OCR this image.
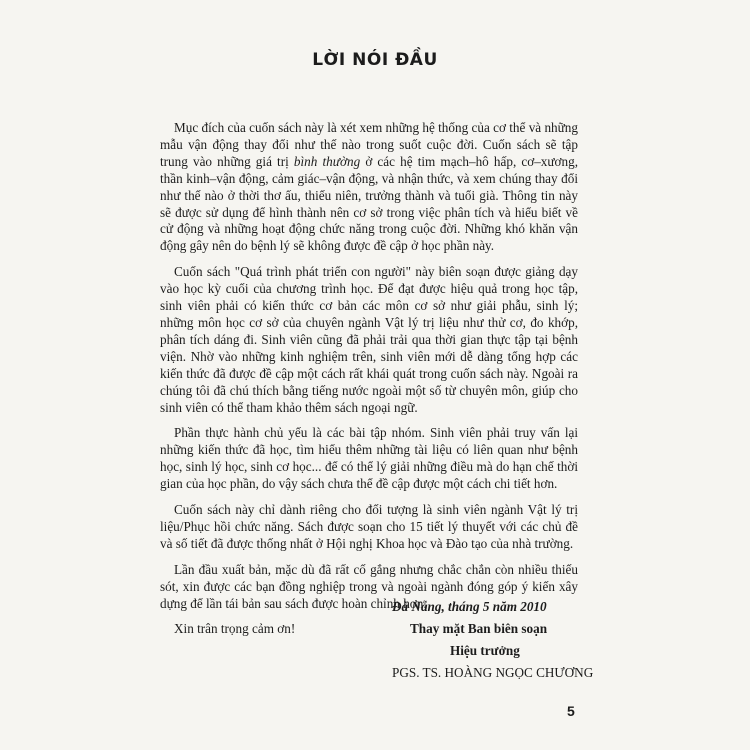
LỜI NÓI ĐẦU

Mục đích của cuốn sách này là xét xem những hệ thống của cơ thể và những mẫu vận động thay đổi như thế nào trong suốt cuộc đời. Cuốn sách sẽ tập trung vào những giá trị bình thường ở các hệ tim mạch–hô hấp, cơ–xương, thần kinh–vận động, cảm giác–vận động, và nhận thức, và xem chúng thay đổi như thế nào ở thời thơ ấu, thiếu niên, trưởng thành và tuổi già. Thông tin này sẽ được sử dụng để hình thành nên cơ sở trong việc phân tích và hiểu biết về cử động và những hoạt động chức năng trong cuộc đời. Những khó khăn vận động gây nên do bệnh lý sẽ không được đề cập ở học phần này.

Cuốn sách "Quá trình phát triển con người" này biên soạn được giảng dạy vào học kỳ cuối của chương trình học. Để đạt được hiệu quả trong học tập, sinh viên phải có kiến thức cơ bản các môn cơ sở như giải phẫu, sinh lý; những môn học cơ sở của chuyên ngành Vật lý trị liệu như thử cơ, đo khớp, phân tích dáng đi. Sinh viên cũng đã phải trải qua thời gian thực tập tại bệnh viện. Nhờ vào những kinh nghiệm trên, sinh viên mới dễ dàng tổng hợp các kiến thức đã được đề cập một cách rất khái quát trong cuốn sách này. Ngoài ra chúng tôi đã chú thích bằng tiếng nước ngoài một số từ chuyên môn, giúp cho sinh viên có thể tham khảo thêm sách ngoại ngữ.

Phần thực hành chủ yếu là các bài tập nhóm. Sinh viên phải truy vấn lại những kiến thức đã học, tìm hiểu thêm những tài liệu có liên quan như bệnh học, sinh lý học, sinh cơ học... để có thể lý giải những điều mà do hạn chế thời gian của học phần, do vậy sách chưa thể đề cập được một cách chi tiết hơn.

Cuốn sách này chỉ dành riêng cho đối tượng là sinh viên ngành Vật lý trị liệu/Phục hồi chức năng. Sách được soạn cho 15 tiết lý thuyết với các chủ đề và số tiết đã được thống nhất ở Hội nghị Khoa học và Đào tạo của nhà trường.

Lần đầu xuất bản, mặc dù đã rất cố gắng nhưng chắc chắn còn nhiều thiếu sót, xin được các bạn đồng nghiệp trong và ngoài ngành đóng góp ý kiến xây dựng để lần tái bản sau sách được hoàn chỉnh hơn.

Xin trân trọng cảm ơn!

Đà Nẵng, tháng 5 năm 2010
Thay mặt Ban biên soạn
Hiệu trưởng
PGS. TS. HOÀNG NGỌC CHƯƠNG
5
